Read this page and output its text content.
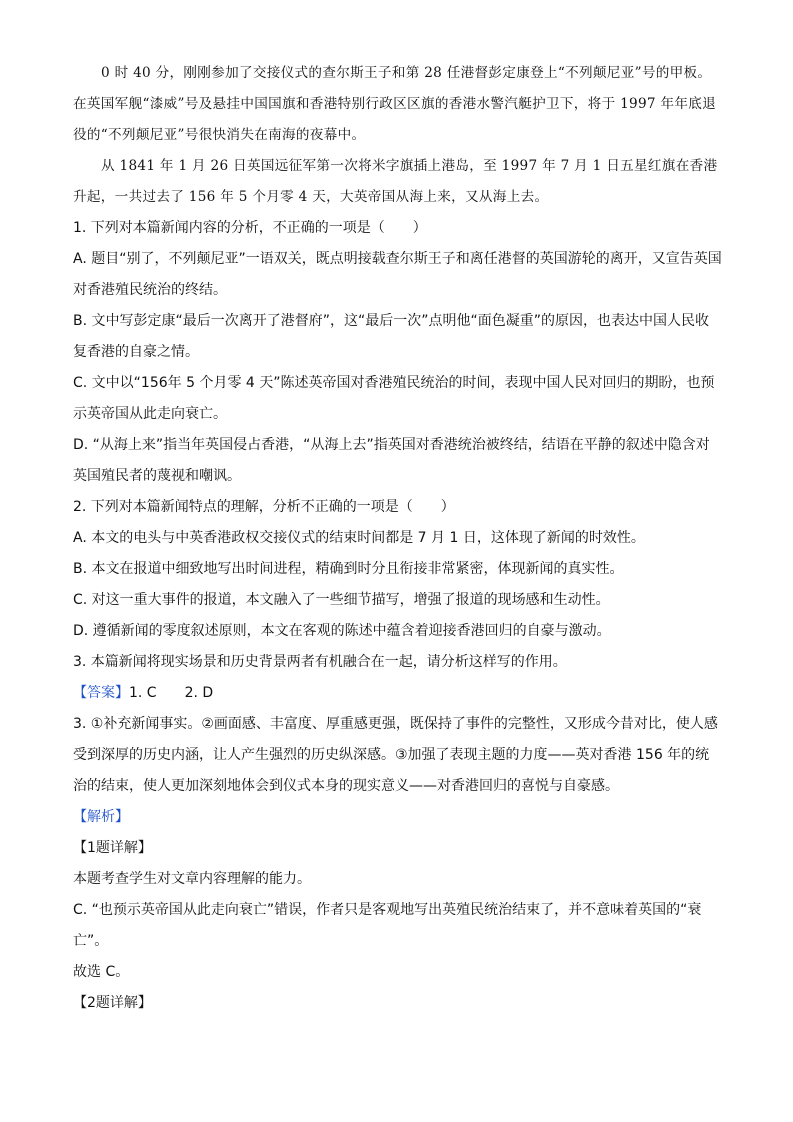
0 时 40 分，刚刚参加了交接仪式的查尔斯王子和第 28 任港督彭定康登上“不列颠尼亚”号的甲板。在英国军舰“漆威”号及悬挂中国国旗和香港特别行政区区旗的香港水警汽艇护卫下，将于 1997 年年底退役的“不列颠尼亚”号很快消失在南海的夜幕中。

从 1841 年 1 月 26 日英国远征军第一次将米字旗插上港岛，至 1997 年 7 月 1 日五星红旗在香港升起，一共过去了 156 年 5 个月零 4 天，大英帝国从海上来，又从海上去。

1. 下列对本篇新闻内容的分析，不正确的一项是（　　）

A. 题目“别了，不列颠尼亚”一语双关，既点明接载查尔斯王子和离任港督的英国游轮的离开，又宣告英国对香港殖民统治的终结。

B. 文中写彭定康“最后一次离开了港督府”，这“最后一次”点明他“面色凝重”的原因，也表达中国人民收复香港的自豪之情。

C. 文中以“156年 5 个月零 4 天”陈述英帝国对香港殖民统治的时间，表现中国人民对回归的期盼，也预示英帝国从此走向衰亡。

D. “从海上来”指当年英国侵占香港，“从海上去”指英国对香港统治被终结，结语在平静的叙述中隐含对英国殖民者的蔑视和嘲讽。

2. 下列对本篇新闻特点的理解，分析不正确的一项是（　　）

A. 本文的电头与中英香港政权交接仪式的结束时间都是 7 月 1 日，这体现了新闻的时效性。

B. 本文在报道中细致地写出时间进程，精确到时分且衔接非常紧密，体现新闻的真实性。

C. 对这一重大事件的报道，本文融入了一些细节描写，增强了报道的现场感和生动性。

D. 遵循新闻的零度叙述原则，本文在客观的陈述中蕴含着迎接香港回归的自豪与激动。

3. 本篇新闻将现实场景和历史背景两者有机融合在一起，请分析这样写的作用。

【答案】1. C 2. D

3. ①补充新闻事实。②画面感、丰富度、厚重感更强，既保持了事件的完整性，又形成今昔对比，使人感受到深厚的历史内涵，让人产生强烈的历史纵深感。③加强了表现主题的力度——英对香港 156 年的统治的结束，使人更加深刻地体会到仪式本身的现实意义——对香港回归的喜悦与自豪感。

【解析】

【1题详解】

本题考查学生对文章内容理解的能力。

C. “也预示英帝国从此走向衰亡”错误，作者只是客观地写出英殖民统治结束了，并不意味着英国的“衰亡”。

故选 C。

【2题详解】
